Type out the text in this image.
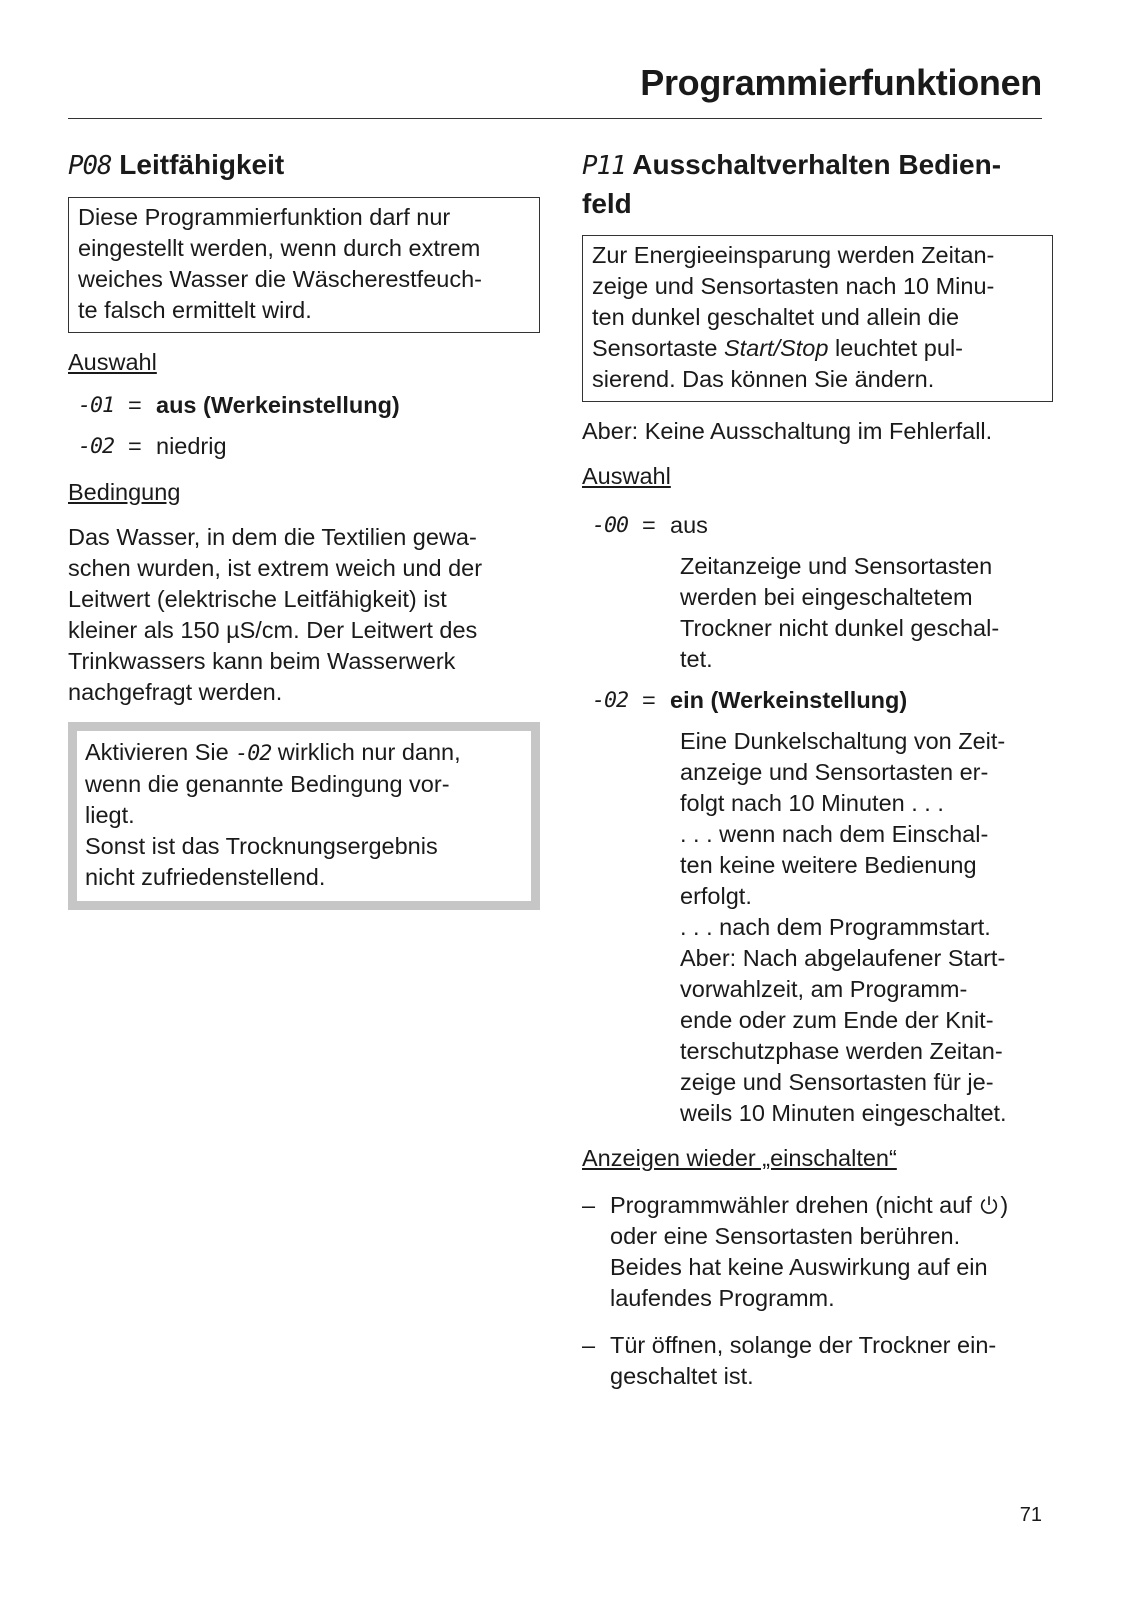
Programmierfunktionen
P08 Leitfähigkeit

Diese Programmierfunktion darf nur

eingestellt werden, wenn durch extrem

weiches Wasser die Wäscherestfeuch-

te falsch ermittelt wird.

Auswahl

-01 = aus (Werkeinstellung)
-02 = niedrig

Bedingung

Das Wasser, in dem die Textilien gewa-

schen wurden, ist extrem weich und der

Leitwert (elektrische Leitfähigkeit) ist

kleiner als 150 µS/cm. Der Leitwert des

Trinkwassers kann beim Wasserwerk

nachgefragt werden.

Aktivieren Sie -02 wirklich nur dann,

wenn die genannte Bedingung vor-

liegt.

Sonst ist das Trocknungsergebnis

nicht zufriedenstellend.

P11 Ausschaltverhalten Bedien-
feld

Zur Energieeinsparung werden Zeitan-

zeige und Sensortasten nach 10 Minu-

ten dunkel geschaltet und allein die

Sensortaste Start/Stop leuchtet pul-

sierend. Das können Sie ändern.

Aber: Keine Ausschaltung im Fehlerfall.

Auswahl

-00 = aus

Zeitanzeige und Sensortasten

werden bei eingeschaltetem

Trockner nicht dunkel geschal-

tet.

-02 = ein (Werkeinstellung)

Eine Dunkelschaltung von Zeit-

anzeige und Sensortasten er-

folgt nach 10 Minuten . . .

. . . wenn nach dem Einschal-

ten keine weitere Bedienung

erfolgt.

. . . nach dem Programmstart.

Aber: Nach abgelaufener Start-

vorwahlzeit, am Programm-

ende oder zum Ende der Knit-

terschutzphase werden Zeitan-

zeige und Sensortasten für je-

weils 10 Minuten eingeschaltet.

Anzeigen wieder „einschalten“

– Programmwähler drehen (nicht auf )

oder eine Sensortasten berühren.

Beides hat keine Auswirkung auf ein

laufendes Programm.

– Tür öffnen, solange der Trockner ein-

geschaltet ist.

71
